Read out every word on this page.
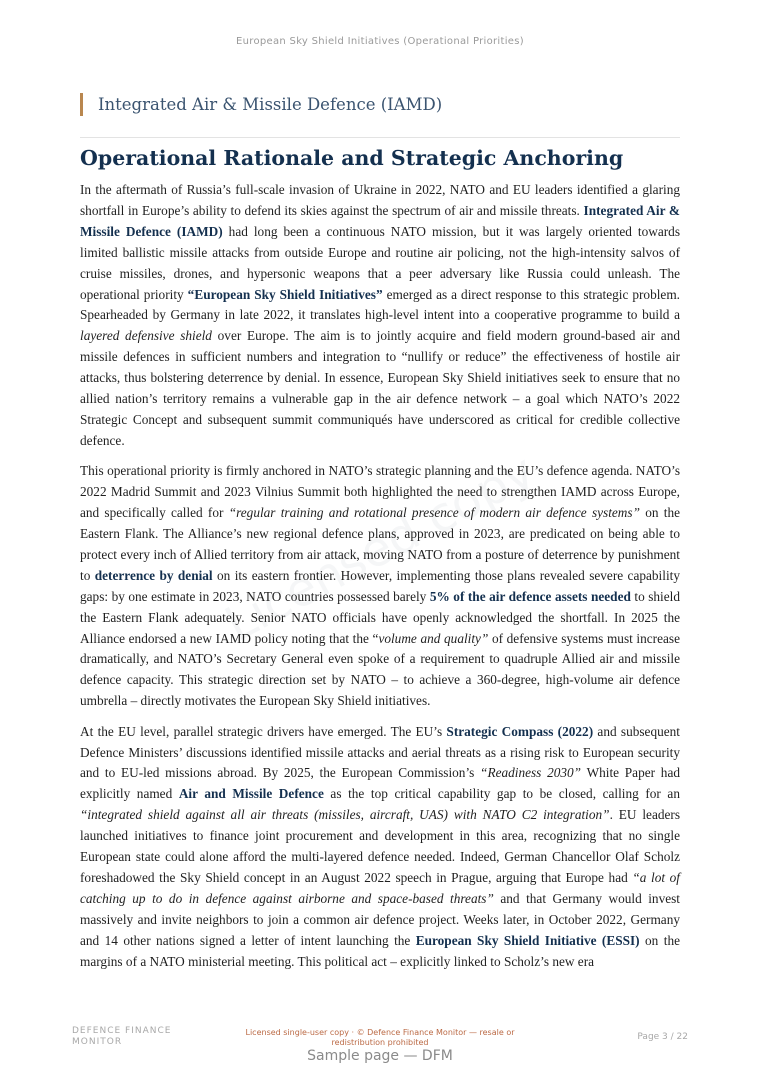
European Sky Shield Initiatives (Operational Priorities)
Integrated Air & Missile Defence (IAMD)
Operational Rationale and Strategic Anchoring

In the aftermath of Russia’s full-scale invasion of Ukraine in 2022, NATO and EU leaders identified a glaring shortfall in Europe’s ability to defend its skies against the spectrum of air and missile threats. Integrated Air & Missile Defence (IAMD) had long been a continuous NATO mission, but it was largely oriented towards limited ballistic missile attacks from outside Europe and routine air policing, not the high-intensity salvos of cruise missiles, drones, and hypersonic weapons that a peer adversary like Russia could unleash. The operational priority “European Sky Shield Initiatives” emerged as a direct response to this strategic problem. Spearheaded by Germany in late 2022, it translates high-level intent into a cooperative programme to build a layered defensive shield over Europe. The aim is to jointly acquire and field modern ground-based air and missile defences in sufficient numbers and integration to “nullify or reduce” the effectiveness of hostile air attacks, thus bolstering deterrence by denial. In essence, European Sky Shield initiatives seek to ensure that no allied nation’s territory remains a vulnerable gap in the air defence network – a goal which NATO’s 2022 Strategic Concept and subsequent summit communiqués have underscored as critical for credible collective defence.

This operational priority is firmly anchored in NATO’s strategic planning and the EU’s defence agenda. NATO’s 2022 Madrid Summit and 2023 Vilnius Summit both highlighted the need to strengthen IAMD across Europe, and specifically called for “regular training and rotational presence of modern air defence systems” on the Eastern Flank. The Alliance’s new regional defence plans, approved in 2023, are predicated on being able to protect every inch of Allied territory from air attack, moving NATO from a posture of deterrence by punishment to deterrence by denial on its eastern frontier. However, implementing those plans revealed severe capability gaps: by one estimate in 2023, NATO countries possessed barely 5% of the air defence assets needed to shield the Eastern Flank adequately. Senior NATO officials have openly acknowledged the shortfall. In 2025 the Alliance endorsed a new IAMD policy noting that the “volume and quality” of defensive systems must increase dramatically, and NATO’s Secretary General even spoke of a requirement to quadruple Allied air and missile defence capacity. This strategic direction set by NATO – to achieve a 360-degree, high-volume air defence umbrella – directly motivates the European Sky Shield initiatives.

At the EU level, parallel strategic drivers have emerged. The EU’s Strategic Compass (2022) and subsequent Defence Ministers’ discussions identified missile attacks and aerial threats as a rising risk to European security and to EU-led missions abroad. By 2025, the European Commission’s “Readiness 2030” White Paper had explicitly named Air and Missile Defence as the top critical capability gap to be closed, calling for an “integrated shield against all air threats (missiles, aircraft, UAS) with NATO C2 integration”. EU leaders launched initiatives to finance joint procurement and development in this area, recognizing that no single European state could alone afford the multi-layered defence needed. Indeed, German Chancellor Olaf Scholz foreshadowed the Sky Shield concept in an August 2022 speech in Prague, arguing that Europe had “a lot of catching up to do in defence against airborne and space-based threats” and that Germany would invest massively and invite neighbors to join a common air defence project. Weeks later, in October 2022, Germany and 14 other nations signed a letter of intent launching the European Sky Shield Initiative (ESSI) on the margins of a NATO ministerial meeting. This political act – explicitly linked to Scholz’s new era

DEFENCE FINANCE
MONITOR
Licensed single-user copy · © Defence Finance Monitor — resale or redistribution prohibited
Page 3 / 22
Sample page — DFM
